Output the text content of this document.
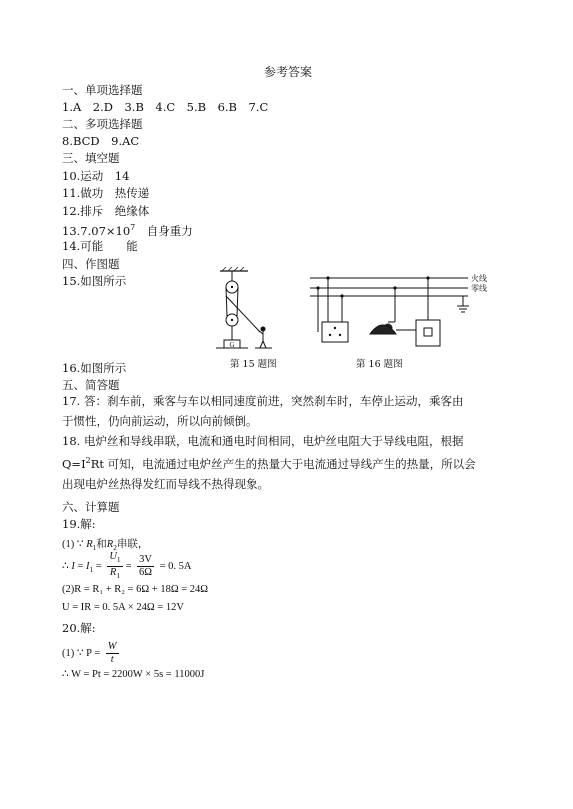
参考答案
一、单项选择题
1.A　2.D　3.B　4.C　5.B　6.B　7.C
二、多项选择题
8.BCD　9.AC
三、填空题
10.运动　14
11.做功　热传递
12.排斥　绝缘体
$13.7.07\times 10^7$　自身重力
14.可能　　能
四、作图题
15.如图所示
G
火线
零线
第 15 题图	第 16 题图
16.如图所示
五、简答题
17. 答：刹车前，乘客与车以相同速度前进，突然刹车时，车停止运动，乘客由于惯性，仍向前运动，所以向前倾倒。
18. 电炉丝和导线串联，电流和通电时间相同，电炉丝电阻大于导线电阻，根据 $Q=I^2Rt$ 可知，电流通过电炉丝产生的热量大于电流通过导线产生的热量，所以会出现电炉丝热得发红而导线不热得现象。
六、计算题
19.解:
(1) ∵ $R_1$和$R_2$串联，
∴ $I = I_1 = \frac{U_1}{R_1} = \frac{3V}{6\Omega} = 0$. 5A
(2)R = R₁ + R₂ = 6Ω + 18Ω = 24Ω
U = IR = 0. 5A × 24Ω = 12V
20.解:
(1) ∵ $P = \frac{W}{t}$
∴ W = Pt = 2200W × 5s = 11000J
